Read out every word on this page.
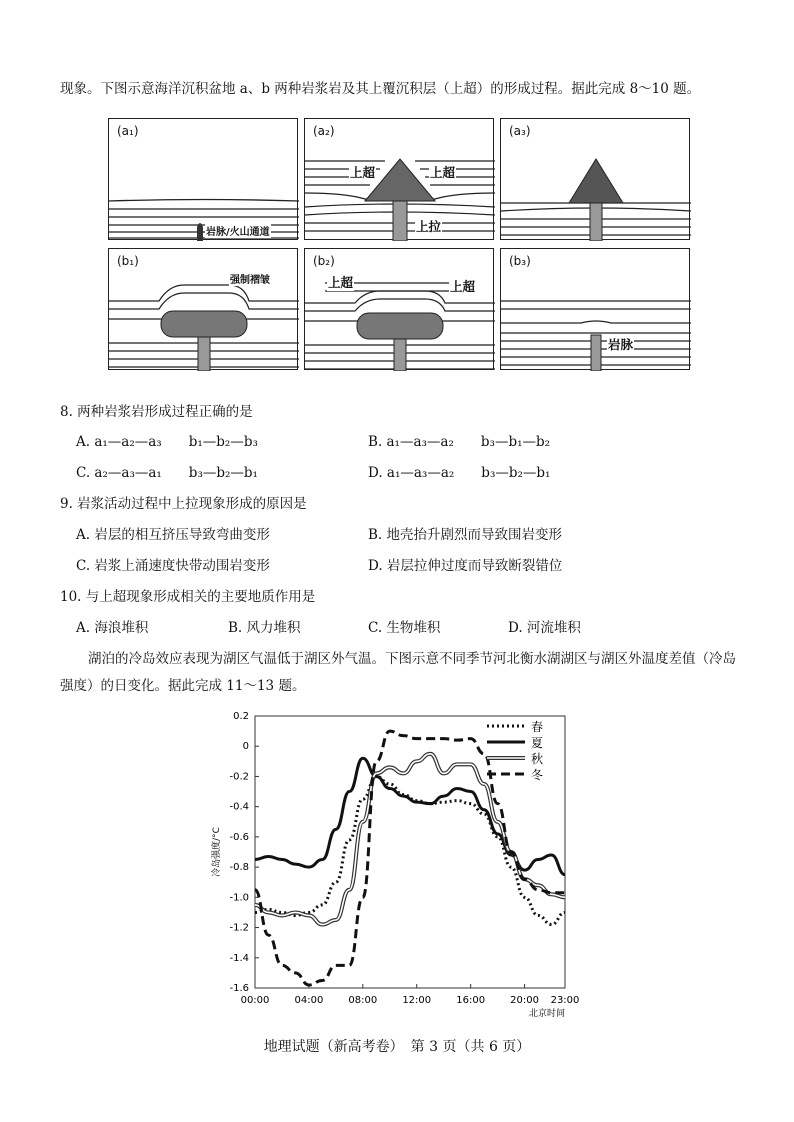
现象。下图示意海洋沉积盆地 a、b 两种岩浆岩及其上覆沉积层（上超）的形成过程。据此完成 8～10 题。
(a₁)
岩脉/火山通道
(a₂)
上超	上超
上拉
(a₃)
(b₁)
强制褶皱
(b₂)
上超	上超
(b₃)
岩脉
8. 两种岩浆岩形成过程正确的是
A. a₁—a₂—a₃　　b₁—b₂—b₃	B. a₁—a₃—a₂　　b₃—b₁—b₂
C. a₂—a₃—a₁　　b₃—b₂—b₁	D. a₁—a₃—a₂　　b₃—b₂—b₁
9. 岩浆活动过程中上拉现象形成的原因是
A. 岩层的相互挤压导致弯曲变形	B. 地壳抬升剧烈而导致围岩变形
C. 岩浆上涌速度快带动围岩变形	D. 岩层拉伸过度而导致断裂错位
10. 与上超现象形成相关的主要地质作用是
A. 海浪堆积	B. 风力堆积	C. 生物堆积	D. 河流堆积
湖泊的冷岛效应表现为湖区气温低于湖区外气温。下图示意不同季节河北衡水湖湖区与湖区外温度差值（冷岛强度）的日变化。据此完成 11～13 题。
0.2
0
-0.2
-0.4
-0.6
-0.8
-1.0
-1.2
-1.4
-1.6
00:00	04:00	08:00	12:00	16:00	20:00 23:00
冷岛强度/°C
北京时间
春
夏
秋
冬
地理试题（新高考卷）　第 3 页（共 6 页）
